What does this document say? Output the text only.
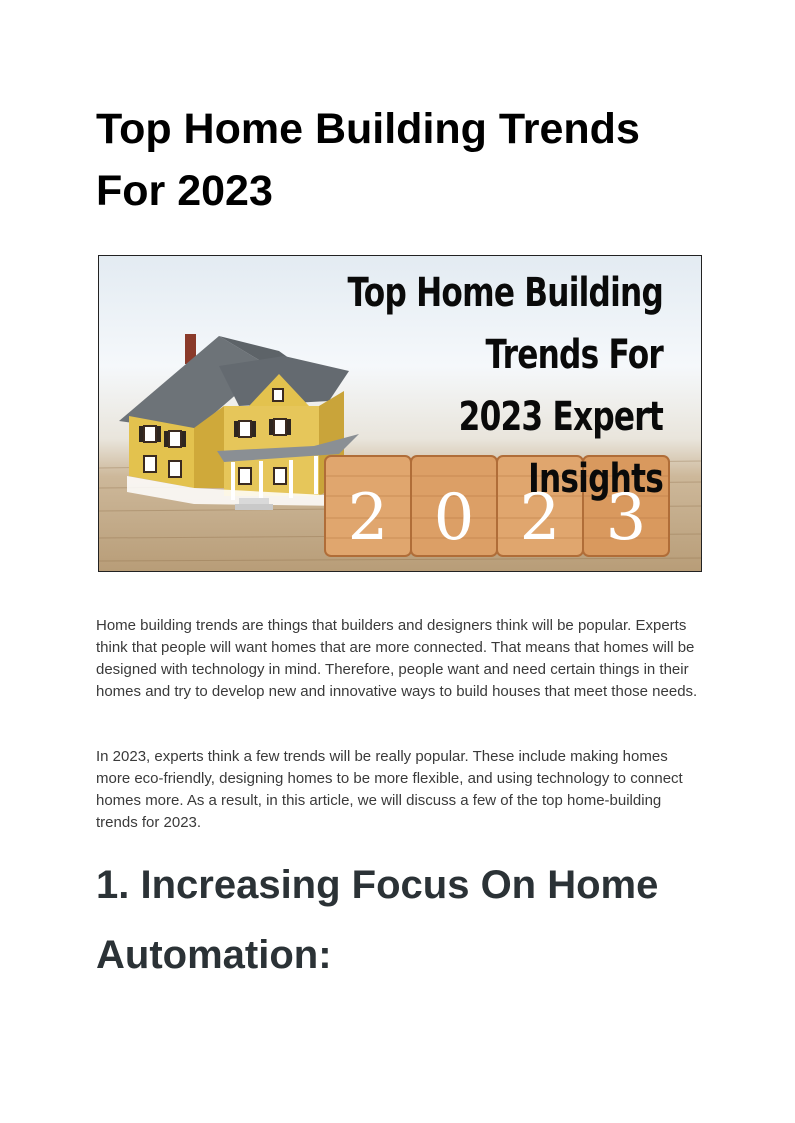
Top Home Building Trends For 2023
2 0 2 3
Top Home Building Trends For
2023 Expert
Insights

Home building trends are things that builders and designers think will be popular. Experts think that people will want homes that are more connected. That means that homes will be designed with technology in mind. Therefore, people want and need certain things in their homes and try to develop new and innovative ways to build houses that meet those needs.

In 2023, experts think a few trends will be really popular. These include making homes more eco-friendly, designing homes to be more flexible, and using technology to connect homes more. As a result, in this article, we will discuss a few of the top home-building trends for 2023.

1. Increasing Focus On Home Automation:
